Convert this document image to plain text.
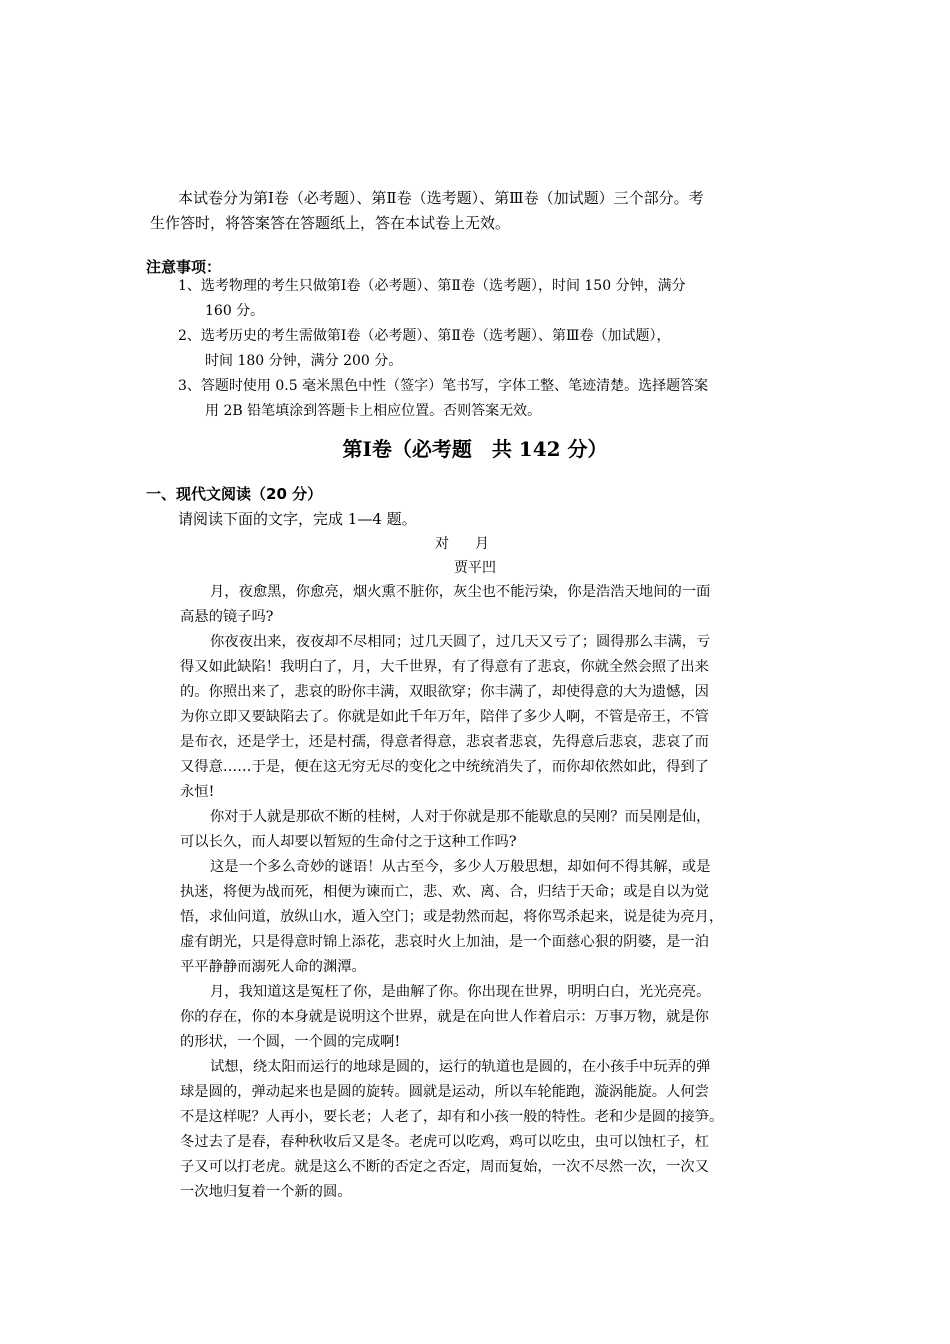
本试卷分为第Ⅰ卷（必考题）、第Ⅱ卷（选考题）、第Ⅲ卷（加试题）三个部分。考
生作答时，将答案答在答题纸上，答在本试卷上无效。
注意事项：
1、选考物理的考生只做第Ⅰ卷（必考题）、第Ⅱ卷（选考题），时间 150 分钟，满分
160 分。
2、选考历史的考生需做第Ⅰ卷（必考题）、第Ⅱ卷（选考题）、第Ⅲ卷（加试题），
时间 180 分钟，满分 200 分。
3、答题时使用 0.5 毫米黑色中性（签字）笔书写，字体工整、笔迹清楚。选择题答案
用 2B 铅笔填涂到答题卡上相应位置。否则答案无效。
第Ⅰ卷（必考题　共 142 分）
一、现代文阅读（20 分）
请阅读下面的文字，完成 1—4 题。
对月
贾平凹
月，夜愈黑，你愈亮，烟火熏不脏你，灰尘也不能污染，你是浩浩天地间的一面
高悬的镜子吗?
你夜夜出来，夜夜却不尽相同；过几天圆了，过几天又亏了；圆得那么丰满，亏
得又如此缺陷！我明白了，月，大千世界，有了得意有了悲哀，你就全然会照了出来
的。你照出来了，悲哀的盼你丰满，双眼欲穿；你丰满了，却使得意的大为遗憾，因
为你立即又要缺陷去了。你就是如此千年万年，陪伴了多少人啊，不管是帝王，不管
是布衣，还是学士，还是村孺，得意者得意，悲哀者悲哀，先得意后悲哀，悲哀了而
又得意……于是，便在这无穷无尽的变化之中统统消失了，而你却依然如此，得到了
永恒!
你对于人就是那砍不断的桂树，人对于你就是那不能歇息的吴刚？而吴刚是仙，
可以长久，而人却要以暂短的生命付之于这种工作吗?
这是一个多么奇妙的谜语！从古至今，多少人万般思想，却如何不得其解，或是
执迷，将便为战而死，相便为谏而亡，悲、欢、离、合，归结于天命；或是自以为觉
悟，求仙问道，放纵山水，遁入空门；或是勃然而起，将你骂杀起来，说是徒为亮月，
虚有朗光，只是得意时锦上添花，悲哀时火上加油，是一个面慈心狠的阴婆，是一泊
平平静静而溺死人命的渊潭。
月，我知道这是冤枉了你，是曲解了你。你出现在世界，明明白白，光光亮亮。
你的存在，你的本身就是说明这个世界，就是在向世人作着启示：万事万物，就是你
的形状，一个圆，一个圆的完成啊!
试想，绕太阳而运行的地球是圆的，运行的轨道也是圆的，在小孩手中玩弄的弹
球是圆的，弹动起来也是圆的旋转。圆就是运动，所以车轮能跑，漩涡能旋。人何尝
不是这样呢？人再小，要长老；人老了，却有和小孩一般的特性。老和少是圆的接笋。
冬过去了是春，春种秋收后又是冬。老虎可以吃鸡，鸡可以吃虫，虫可以蚀杠子，杠
子又可以打老虎。就是这么不断的否定之否定，周而复始，一次不尽然一次，一次又
一次地归复着一个新的圆。
